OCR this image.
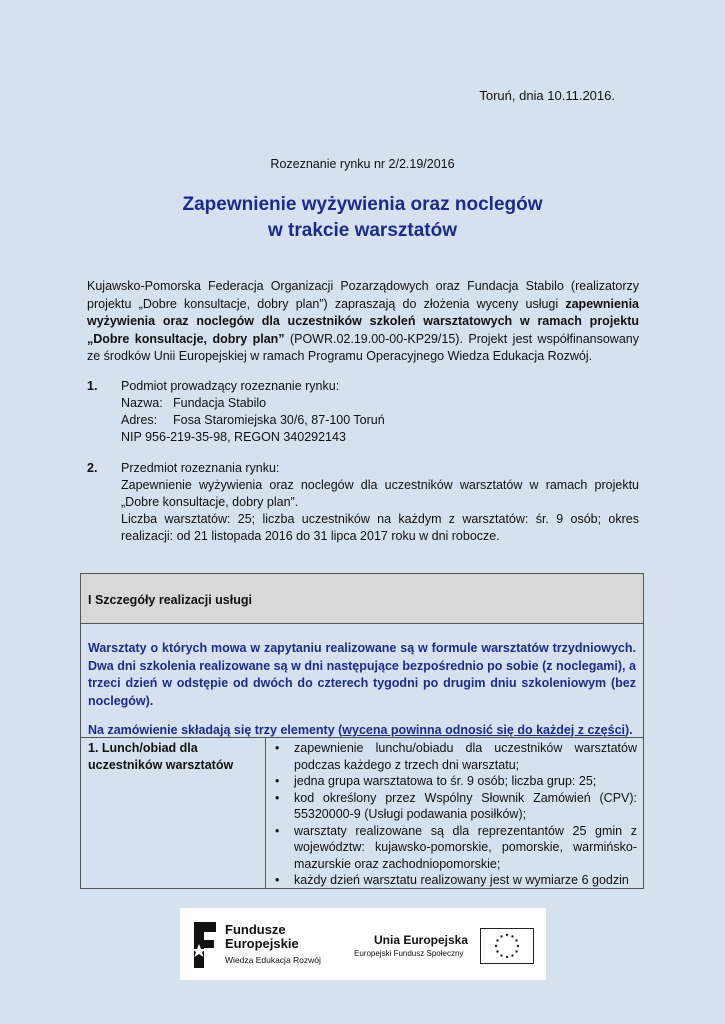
Toruń, dnia 10.11.2016.
Rozeznanie rynku nr 2/2.19/2016
Zapewnienie wyżywienia oraz noclegów
w trakcie warsztatów
Kujawsko-Pomorska Federacja Organizacji Pozarządowych oraz Fundacja Stabilo (realizatorzy projektu „Dobre konsultacje, dobry plan”) zapraszają do złożenia wyceny usługi zapewnienia wyżywienia oraz noclegów dla uczestników szkoleń warsztatowych w ramach projektu „Dobre konsultacje, dobry plan” (POWR.02.19.00-00-KP29/15). Projekt jest współfinansowany ze środków Unii Europejskiej w ramach Programu Operacyjnego Wiedza Edukacja Rozwój.
1. Podmiot prowadzący rozeznanie rynku:
Nazwa: Fundacja Stabilo
Adres: Fosa Staromiejska 30/6, 87-100 Toruń
NIP 956-219-35-98, REGON 340292143
2. Przedmiot rozeznania rynku:
Zapewnienie wyżywienia oraz noclegów dla uczestników warsztatów w ramach projektu „Dobre konsultacje, dobry plan”.
Liczba warsztatów: 25; liczba uczestników na każdym z warsztatów: śr. 9 osób; okres realizacji: od 21 listopada 2016 do 31 lipca 2017 roku w dni robocze.
I Szczegóły realizacji usługi

Warsztaty o których mowa w zapytaniu realizowane są w formule warsztatów trzydniowych. Dwa dni szkolenia realizowane są w dni następujące bezpośrednio po sobie (z noclegami), a trzeci dzień w odstępie od dwóch do czterech tygodni po drugim dniu szkoleniowym (bez noclegów).

Na zamówienie składają się trzy elementy (wycena powinna odnosić się do każdej z części).

1. Lunch/obiad dla uczestników warsztatów
• zapewnienie lunchu/obiadu dla uczestników warsztatów podczas każdego z trzech dni warsztatu;
• jedna grupa warsztatowa to śr. 9 osób; liczba grup: 25;
• kod określony przez Wspólny Słownik Zamówień (CPV): 55320000-9 (Usługi podawania posiłków);
• warsztaty realizowane są dla reprezentantów 25 gmin z województw: kujawsko-pomorskie, pomorskie, warmińsko-mazurskie oraz zachodniopomorskie;
• każdy dzień warsztatu realizowany jest w wymiarze 6 godzin
Fundusze
Europejskie
Wiedza Edukacja Rozwój
Unia Europejska
Europejski Fundusz Społeczny
